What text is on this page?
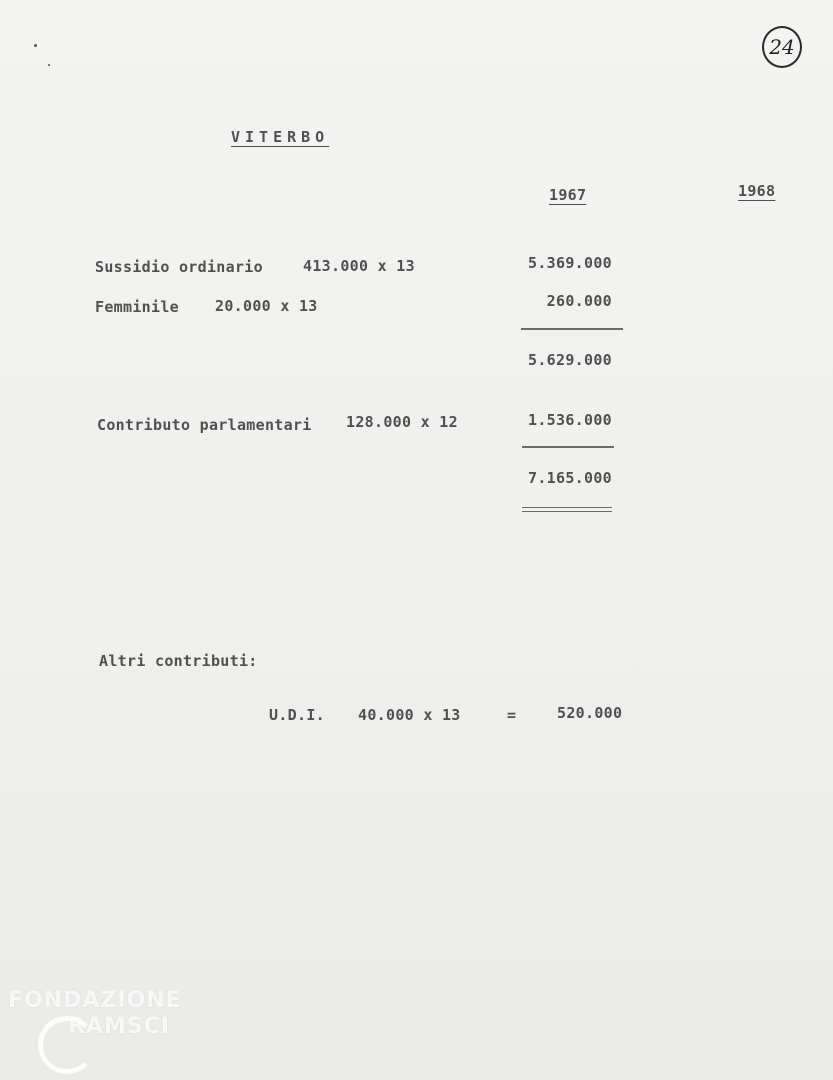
24
VITERBO
1967	1968
Sussidio ordinario	413.000 x 13	5.369.000
Femminile 20.000 x 13	260.000
5.629.000
Contributo parlamentari 128.000 x 12	1.536.000
7.165.000
Altri contributi:
U.D.I. 40.000 x 13	=	520.000
FONDAZIONE
RAMSCI
